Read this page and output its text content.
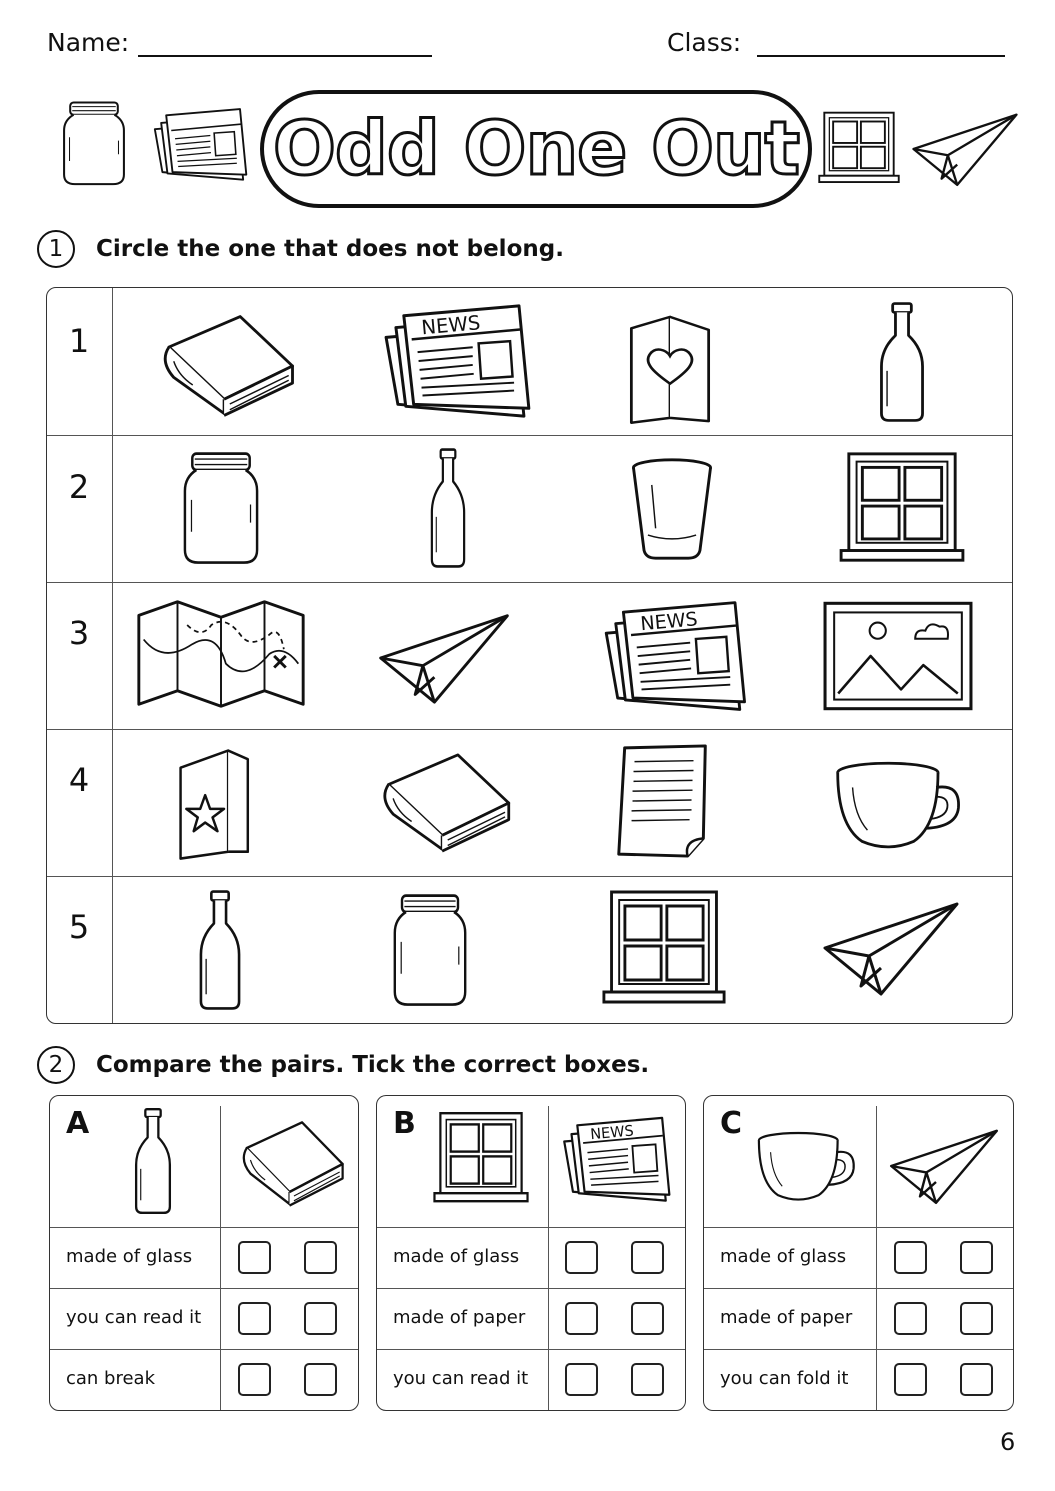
Name:	Class:
Odd One Out
1	Circle the one that does not belong.
1
2
3
4
5
NEWS
NEWS
2	Compare the pairs. Tick the correct boxes.
A
made of glass
you can read it
can break
B	NEWS
made of glass
made of paper
you can read it
C
made of glass
made of paper
you can fold it
6
